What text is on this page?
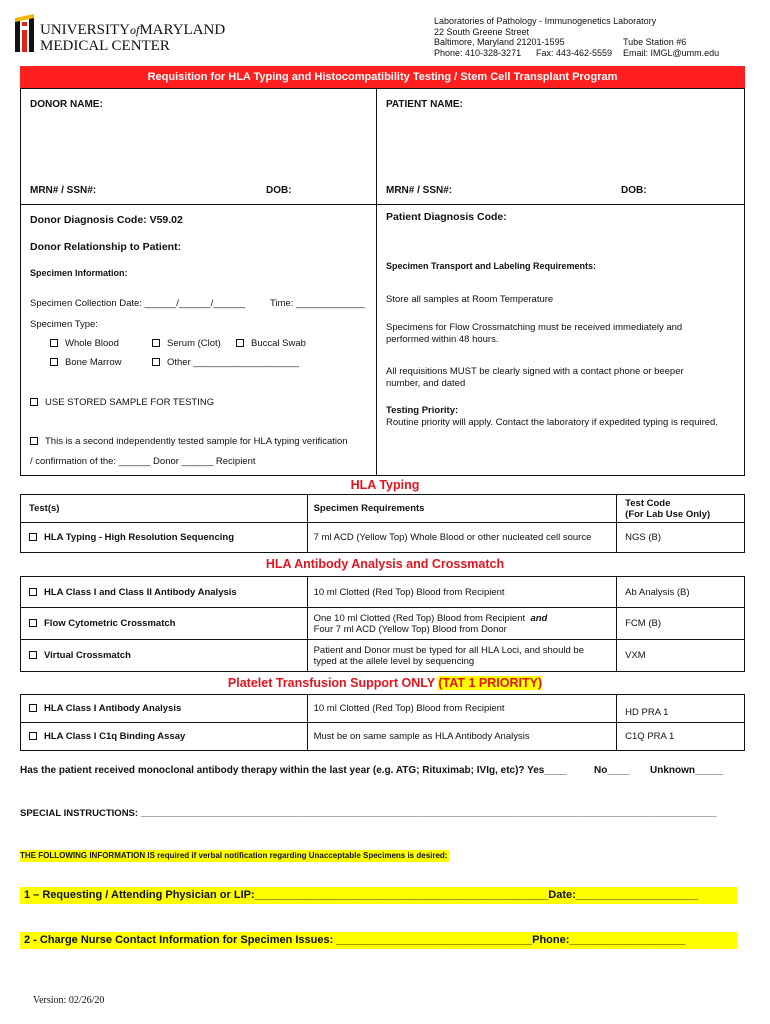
UNIVERSITYofMARYLAND
MEDICAL CENTER
Laboratories of Pathology - Immunogenetics Laboratory
22 South Greene Street
Baltimore, Maryland 21201-1595	Tube Station #6
Phone: 410-328-3271 Fax: 443-462-5559 Email: IMGL@umm.edu
Requisition for HLA Typing and Histocompatibility Testing / Stem Cell Transplant Program
DONOR NAME:	PATIENT NAME:
MRN# / SSN#:	DOB:	MRN# / SSN#:	DOB:
Donor Diagnosis Code: V59.02	Patient Diagnosis Code:
Donor Relationship to Patient:
Specimen Information:
Specimen Collection Date: ______/______/______	Time: _____________
Specimen Type:
Whole Blood	Serum (Clot)	Buccal Swab
Bone Marrow	Other ____________________
USE STORED SAMPLE FOR TESTING
This is a second independently tested sample for HLA typing verification
/ confirmation of the: ______ Donor ______ Recipient
Specimen Transport and Labeling Requirements:
Store all samples at Room Temperature
Specimens for Flow Crossmatching must be received immediately and
performed within 48 hours.
All requisitions MUST be clearly signed with a contact phone or beeper
number, and dated
Testing Priority:
Routine priority will apply. Contact the laboratory if expedited typing is required.
HLA Typing
Test(s)	Specimen Requirements	Test Code
(For Lab Use Only)

HLA Typing - High Resolution Sequencing	7 ml ACD (Yellow Top) Whole Blood or other nucleated cell source	NGS (B)
HLA Antibody Analysis and Crossmatch
HLA Class I and Class II Antibody Analysis	10 ml Clotted (Red Top) Blood from Recipient	Ab Analysis (B)
Flow Cytometric Crossmatch	One 10 ml Clotted (Red Top) Blood from Recipient and
Four 7 ml ACD (Yellow Top) Blood from Donor	FCM (B)
Virtual Crossmatch	Patient and Donor must be typed for all HLA Loci, and should be
typed at the allele level by sequencing	VXM
Platelet Transfusion Support ONLY (TAT 1 PRIORITY)
HLA Class I Antibody Analysis	10 ml Clotted (Red Top) Blood from Recipient	HD PRA 1
HLA Class I C1q Binding Assay	Must be on same sample as HLA Antibody Analysis	C1Q PRA 1
Has the patient received monoclonal antibody therapy within the last year (e.g. ATG; Rituximab; IVIg, etc)? Yes____	No____ Unknown_____
SPECIAL INSTRUCTIONS: _____________________________________________________________________________________________________________
THE FOLLOWING INFORMATION IS required if verbal notification regarding Unacceptable Specimens is desired:
1 – Requesting / Attending Physician or LIP:________________________________________________Date:____________________
2 - Charge Nurse Contact Information for Specimen Issues: ________________________________Phone:___________________
Version: 02/26/20
